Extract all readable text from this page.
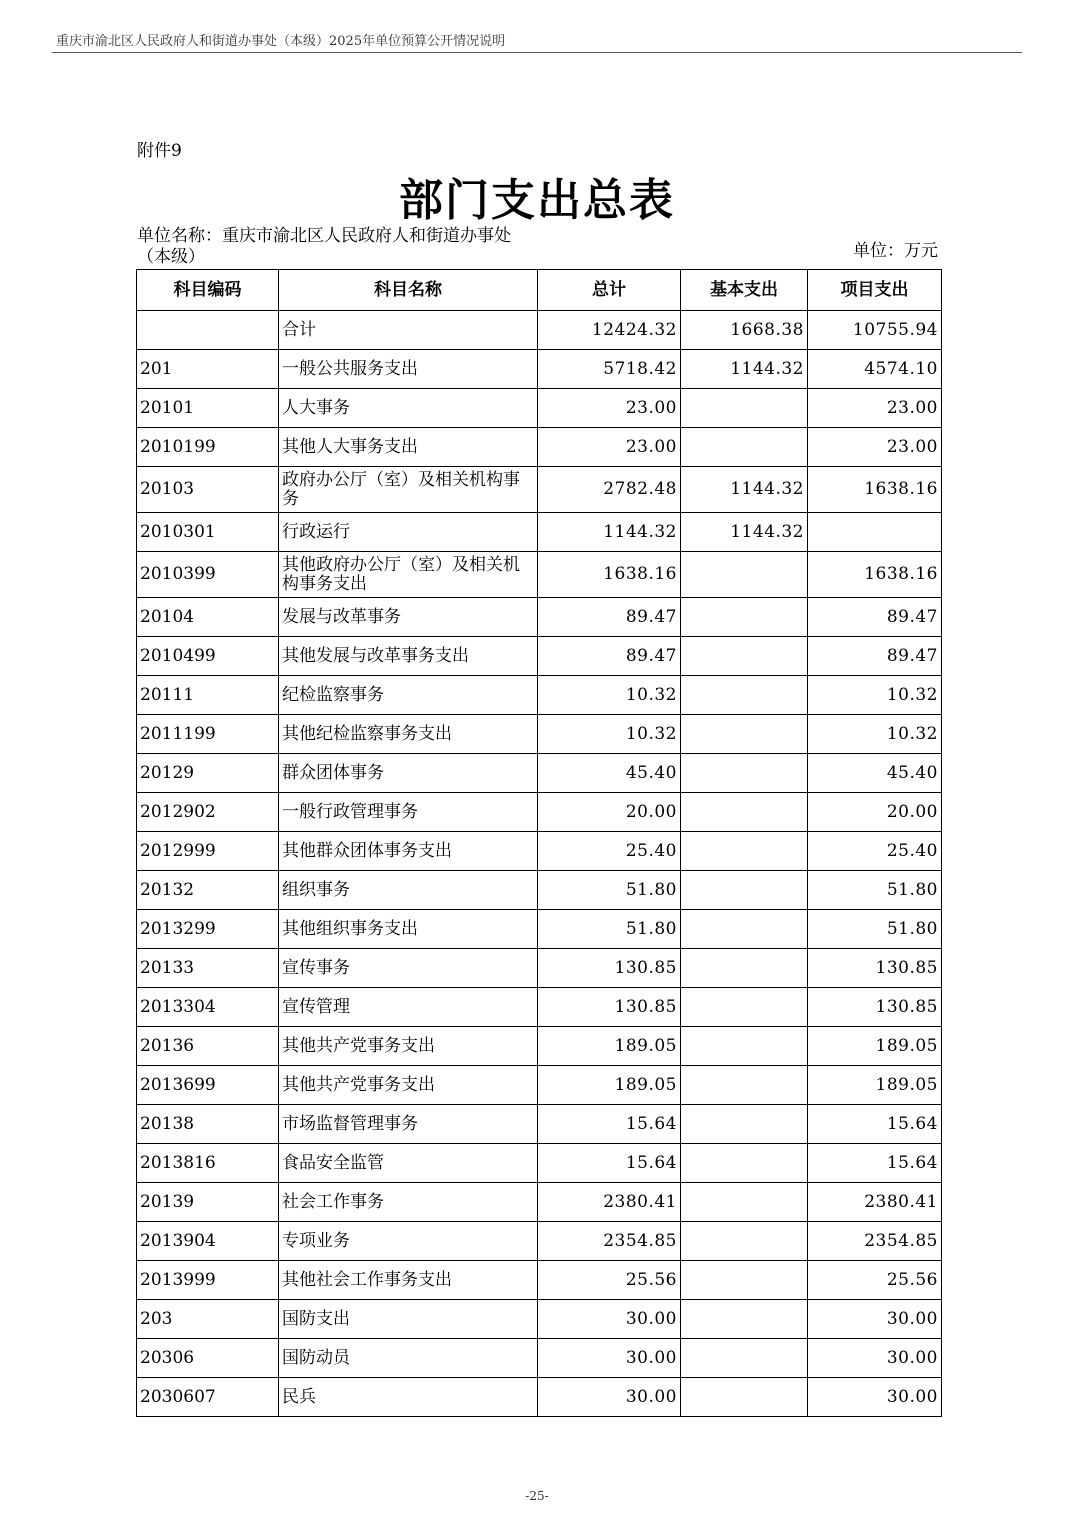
重庆市渝北区人民政府人和街道办事处（本级）2025年单位预算公开情况说明
附件9
部门支出总表
单位名称：重庆市渝北区人民政府人和街道办事处（本级）	单位：万元
科目编码	科目名称	总计	基本支出	项目支出
	合计	12424.32	1668.38	10755.94
201	一般公共服务支出	5718.42	1144.32	4574.10
20101	人大事务	23.00		23.00
2010199	其他人大事务支出	23.00		23.00
20103	政府办公厅（室）及相关机构事务	2782.48	1144.32	1638.16
2010301	行政运行	1144.32	1144.32	
2010399	其他政府办公厅（室）及相关机构事务支出	1638.16		1638.16
20104	发展与改革事务	89.47		89.47
2010499	其他发展与改革事务支出	89.47		89.47
20111	纪检监察事务	10.32		10.32
2011199	其他纪检监察事务支出	10.32		10.32
20129	群众团体事务	45.40		45.40
2012902	一般行政管理事务	20.00		20.00
2012999	其他群众团体事务支出	25.40		25.40
20132	组织事务	51.80		51.80
2013299	其他组织事务支出	51.80		51.80
20133	宣传事务	130.85		130.85
2013304	宣传管理	130.85		130.85
20136	其他共产党事务支出	189.05		189.05
2013699	其他共产党事务支出	189.05		189.05
20138	市场监督管理事务	15.64		15.64
2013816	食品安全监管	15.64		15.64
20139	社会工作事务	2380.41		2380.41
2013904	专项业务	2354.85		2354.85
2013999	其他社会工作事务支出	25.56		25.56
203	国防支出	30.00		30.00
20306	国防动员	30.00		30.00
2030607	民兵	30.00		30.00
-25-
